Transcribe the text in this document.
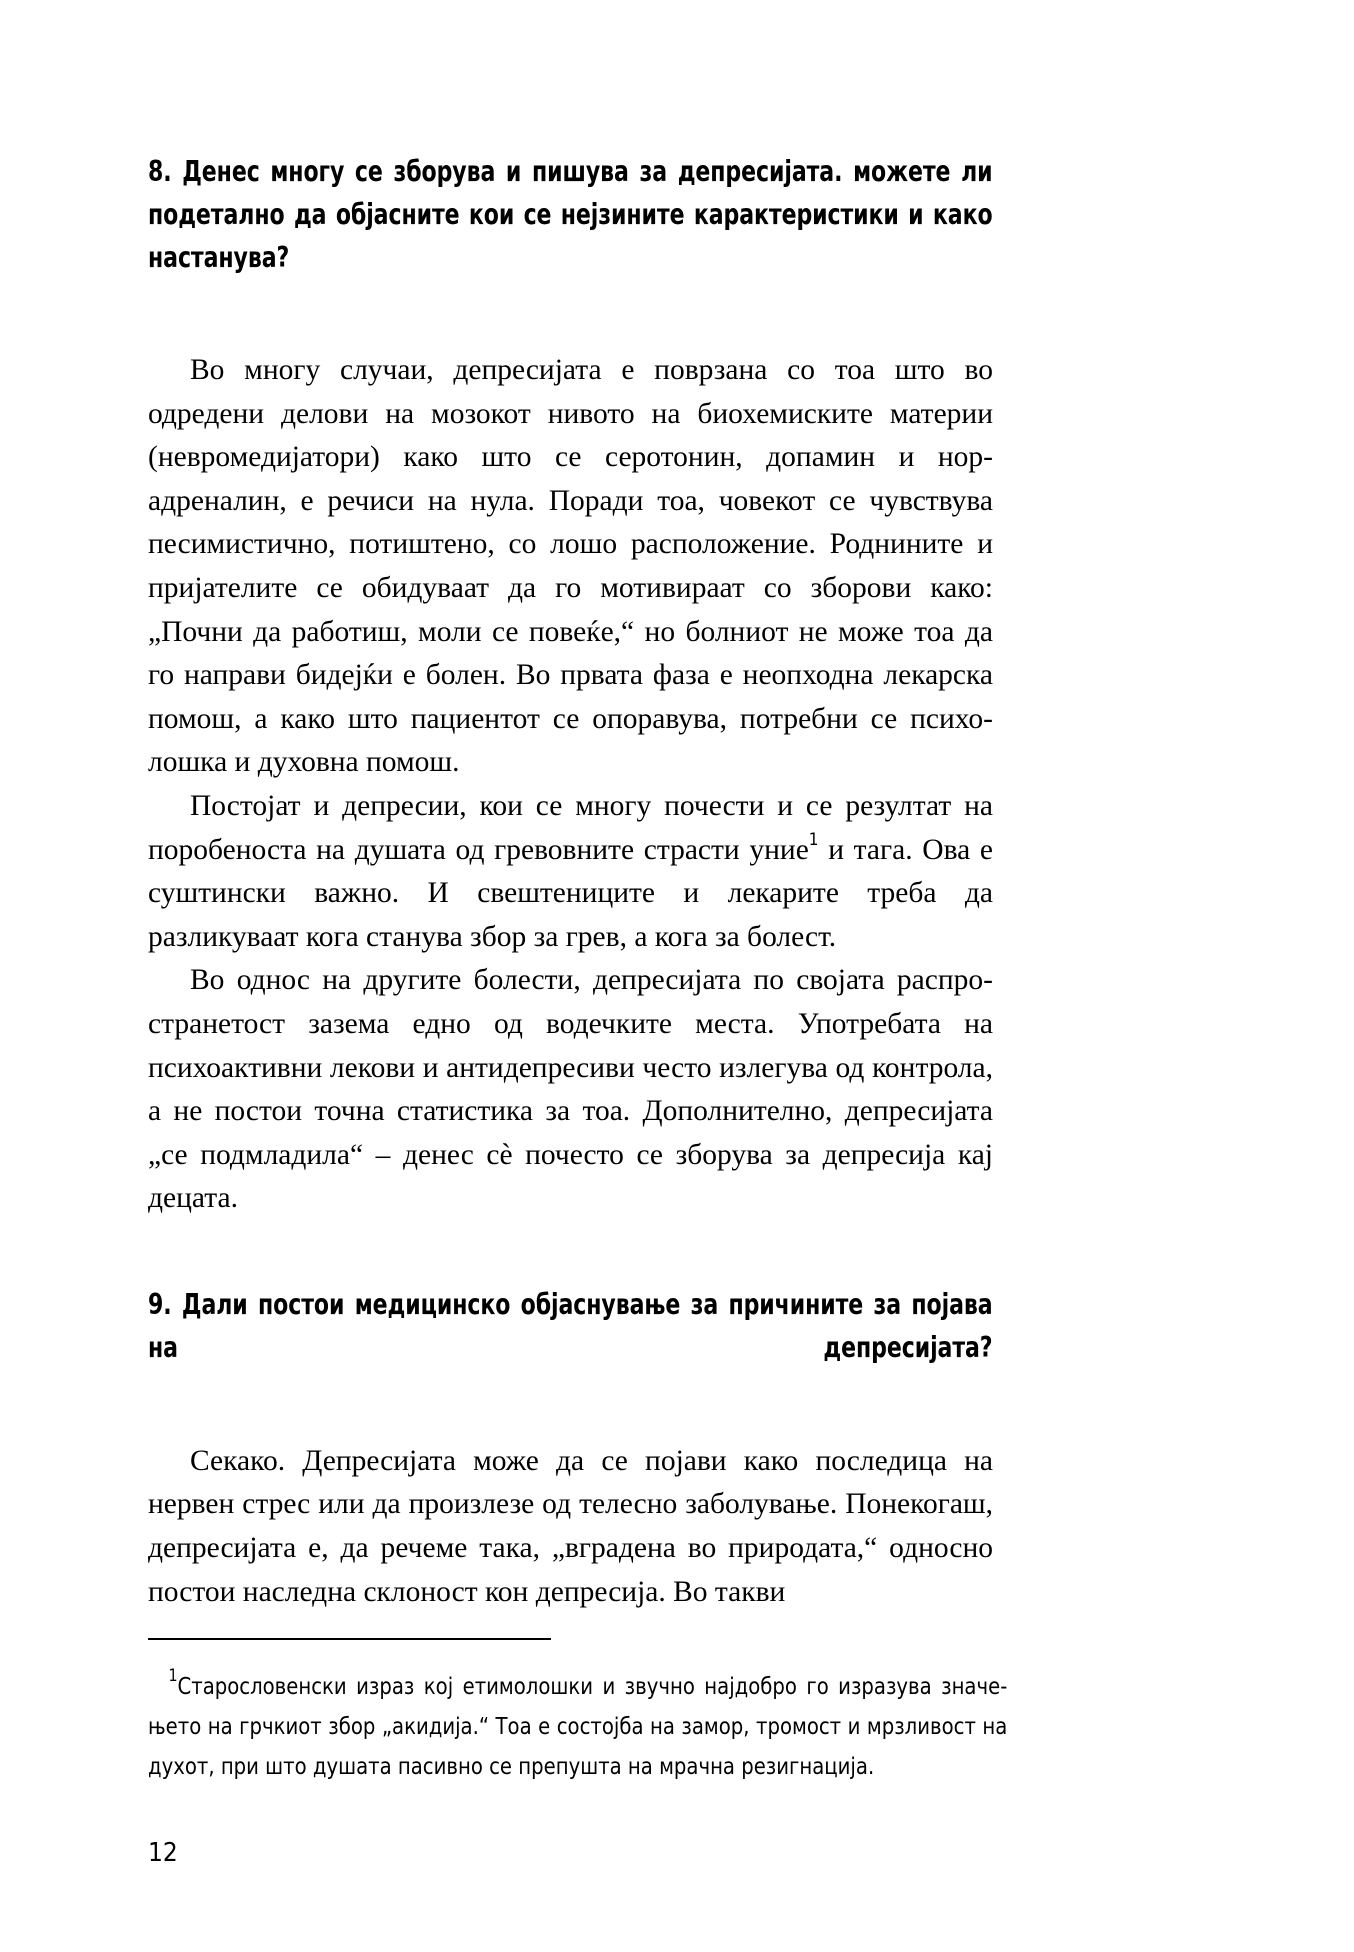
8. Денес многу се зборува и пишува за депресијата. можете ли подетално да објасните кои се нејзините карактеристики и како настанува?

Во многу случаи, депресијата е поврзана со тоа што во одредени делови на мозокот нивото на биохемиските материи (невромедијатори) како што се серотонин, допамин и норадреналин, е речиси на нула. Поради тоа, човекот се чувствува песимистично, потиштено, со лошо расположение. Роднините и пријателите се обидуваат да го мотивираат со зборови како: „Почни да работиш, моли се повеќе,“ но болниот не може тоа да го направи бидејќи е болен. Во првата фаза е неопходна лекарска помош, а како што пациентот се опоравува, потребни се психолошка и духовна помош.

Постојат и депресии, кои се многу почести и се резултат на поробеноста на душата од гревовните страсти уние$^1$ и тага. Ова е суштински важно. И свештениците и лекарите треба да разликуваат кога станува збор за грев, а кога за болест.

Во однос на другите болести, депресијата по својата распространетост зазема едно од водечките места. Употребата на психоактивни лекови и антидепресиви често излегува од контрола, а не постои точна статистика за тоа. Дополнително, депресијата „се подмладила“ – денес сѐ почесто се зборува за депресија кај децата.

9. Дали постои медицинско објаснување за причините за појава на депресијата?

Секако. Депресијата може да се појави како последица на нервен стрес или да произлезе од телесно заболување. Понекогаш, депресијата е, да речеме така, „вградена во природата,“ односно постои наследна склоност кон депресија. Во такви

$^1$Старословенски израз кој етимолошки и звучно најдобро го изразува значењето на грчкиот збор „акидија.“ Тоа е состојба на замор, тромост и мрзливост на духот, при што душата пасивно се препушта на мрачна резигнација.

12
